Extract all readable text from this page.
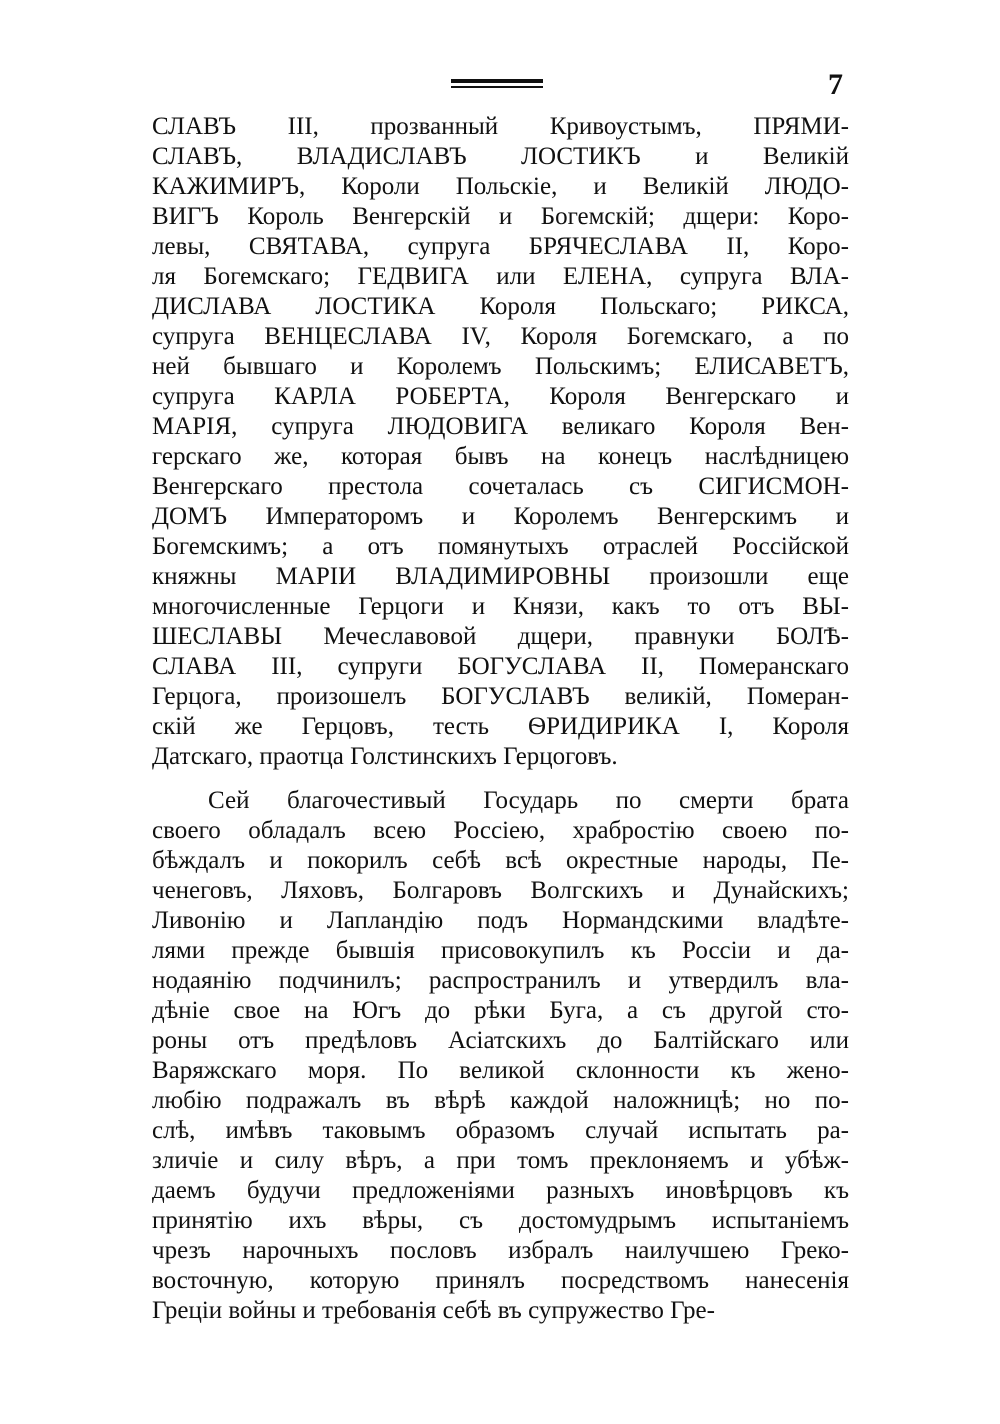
7
СЛАВЪ III, прозванный Кривоустымъ, ПРЯМИ-
СЛАВЪ, ВЛАДИСЛАВЪ ЛОСТИКЪ и Великій
КАЖИМИРЪ, Короли Польскіе, и Великій ЛЮДО-
ВИГЪ Король Венгерскій и Богемскій; дщери: Коро-
левы, СВЯТАВА, супруга БРЯЧЕСЛАВА II, Коро-
ля Богемскаго; ГЕДВИГА или ЕЛЕНА, супруга ВЛА-
ДИСЛАВА ЛОСТИКА Короля Польскаго; РИКСА,
супруга ВЕНЦЕСЛАВА IV, Короля Богемскаго, а по
ней бывшаго и Королемъ Польскимъ; ЕЛИСАВЕТЪ,
супруга КАРЛА РОБЕРТА, Короля Венгерскаго и
МАРІЯ, супруга ЛЮДОВИГА великаго Короля Вен-
герскаго же, которая бывъ на конецъ наслѣдницею
Венгерскаго престола сочеталась съ СИГИСМОН-
ДОМЪ Императоромъ и Королемъ Венгерскимъ и
Богемскимъ; а отъ помянутыхъ отраслей Россійской
княжны МАРІИ ВЛАДИМИРОВНЫ произошли еще
многочисленные Герцоги и Князи, какъ то отъ ВЫ-
ШЕСЛАВЫ Мечеславовой дщери, правнуки БОЛѢ-
СЛАВА III, супруги БОГУСЛАВА II, Померанскаго
Герцога, произошелъ БОГУСЛАВЪ великій, Померан-
скій же Герцовъ, тесть ѲРИДИРИКА I, Короля
Датскаго, праотца Голстинскихъ Герцоговъ.
Сей благочестивый Государь по смерти брата
своего обладалъ всею Россіею, храбростію своею по-
бѣждалъ и покорилъ себѣ всѣ окрестные народы, Пе-
ченеговъ, Ляховъ, Болгаровъ Волгскихъ и Дунайскихъ;
Ливонію и Лапландію подъ Нормандскими владѣте-
лями прежде бывшія присовокупилъ къ Россіи и да-
нодаянію подчинилъ; распространилъ и утвердилъ вла-
дѣніе свое на Югъ до рѣки Буга, а съ другой сто-
роны отъ предѣловъ Асіатскихъ до Балтійскаго или
Варяжскаго моря. По великой склонности къ жено-
любію подражалъ въ вѣрѣ каждой наложницѣ; но по-
слѣ, имѣвъ таковымъ образомъ случай испытать ра-
зличіе и силу вѣръ, а при томъ преклоняемъ и убѣж-
даемъ будучи предложеніями разныхъ иновѣрцовъ къ
принятію ихъ вѣры, съ достомудрымъ испытаніемъ
чрезъ нарочныхъ пословъ избралъ наилучшею Греко-
восточную, которую принялъ посредствомъ нанесенія
Греціи войны и требованія себѣ въ супружество Гре-
